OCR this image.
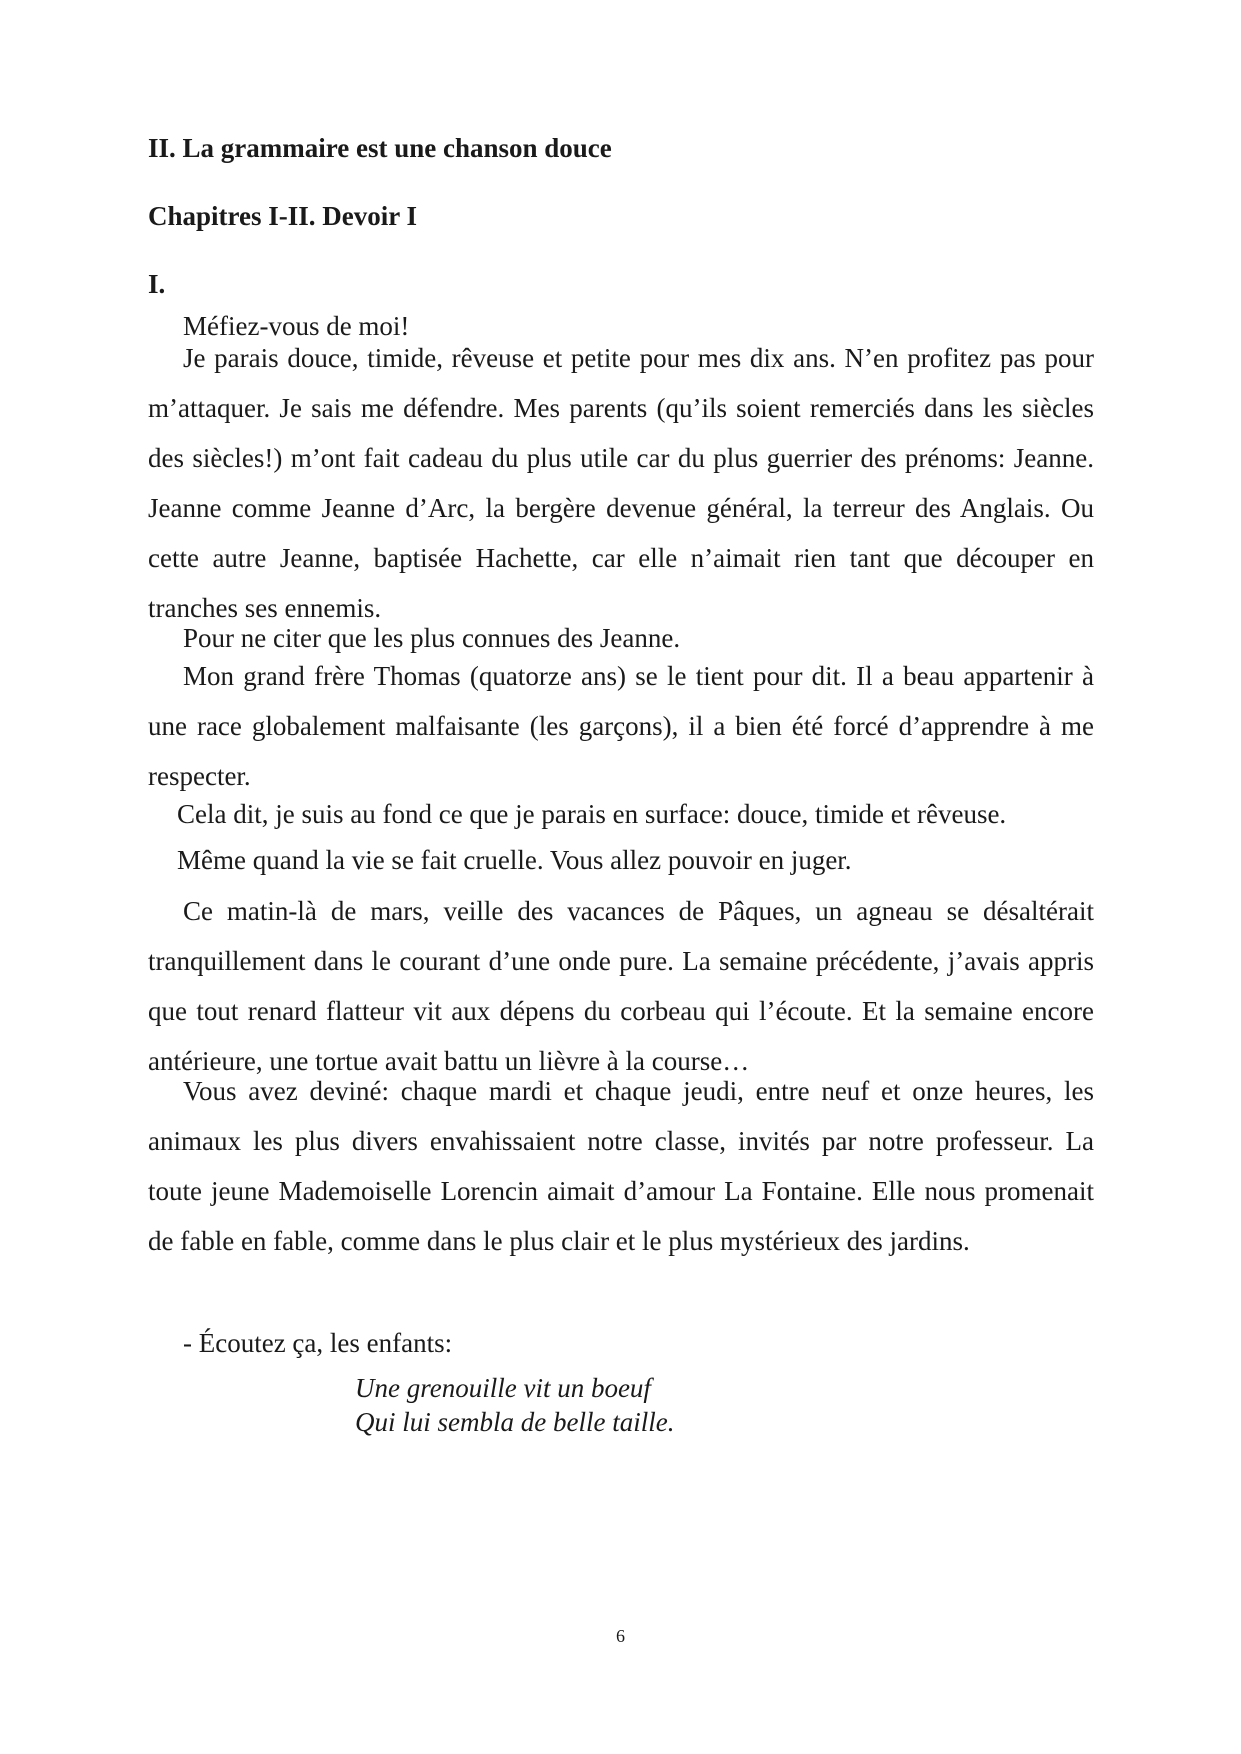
II. La grammaire est une chanson douce
Chapitres I-II. Devoir I
I.

Méfiez-vous de moi!

Je parais douce, timide, rêveuse et petite pour mes dix ans. N’en profitez pas pour m’attaquer. Je sais me défendre. Mes parents (qu’ils soient remerciés dans les siècles des siècles!) m’ont fait cadeau du plus utile car du plus guerrier des prénoms: Jeanne. Jeanne comme Jeanne d’Arc, la bergère devenue général, la terreur des Anglais. Ou cette autre Jeanne, baptisée Hachette, car elle n’aimait rien tant que découper en tranches ses ennemis.

Pour ne citer que les plus connues des Jeanne.

Mon grand frère Thomas (quatorze ans) se le tient pour dit. Il a beau appartenir à une race globalement malfaisante (les garçons), il a bien été forcé d’apprendre à me respecter.

Cela dit, je suis au fond ce que je parais en surface: douce, timide et rêveuse.

Même quand la vie se fait cruelle. Vous allez pouvoir en juger.

Ce matin-là de mars, veille des vacances de Pâques, un agneau se désaltérait tranquillement dans le courant d’une onde pure. La semaine précédente, j’avais appris que tout renard flatteur vit aux dépens du corbeau qui l’écoute. Et la semaine encore antérieure, une tortue avait battu un lièvre à la course…

Vous avez deviné: chaque mardi et chaque jeudi, entre neuf et onze heures, les animaux les plus divers envahissaient notre classe, invités par notre professeur. La toute jeune Mademoiselle Lorencin aimait d’amour La Fontaine. Elle nous promenait de fable en fable, comme dans le plus clair et le plus mystérieux des jardins.

- Écoutez ça, les enfants:

Une grenouille vit un boeuf
Qui lui sembla de belle taille.
6
